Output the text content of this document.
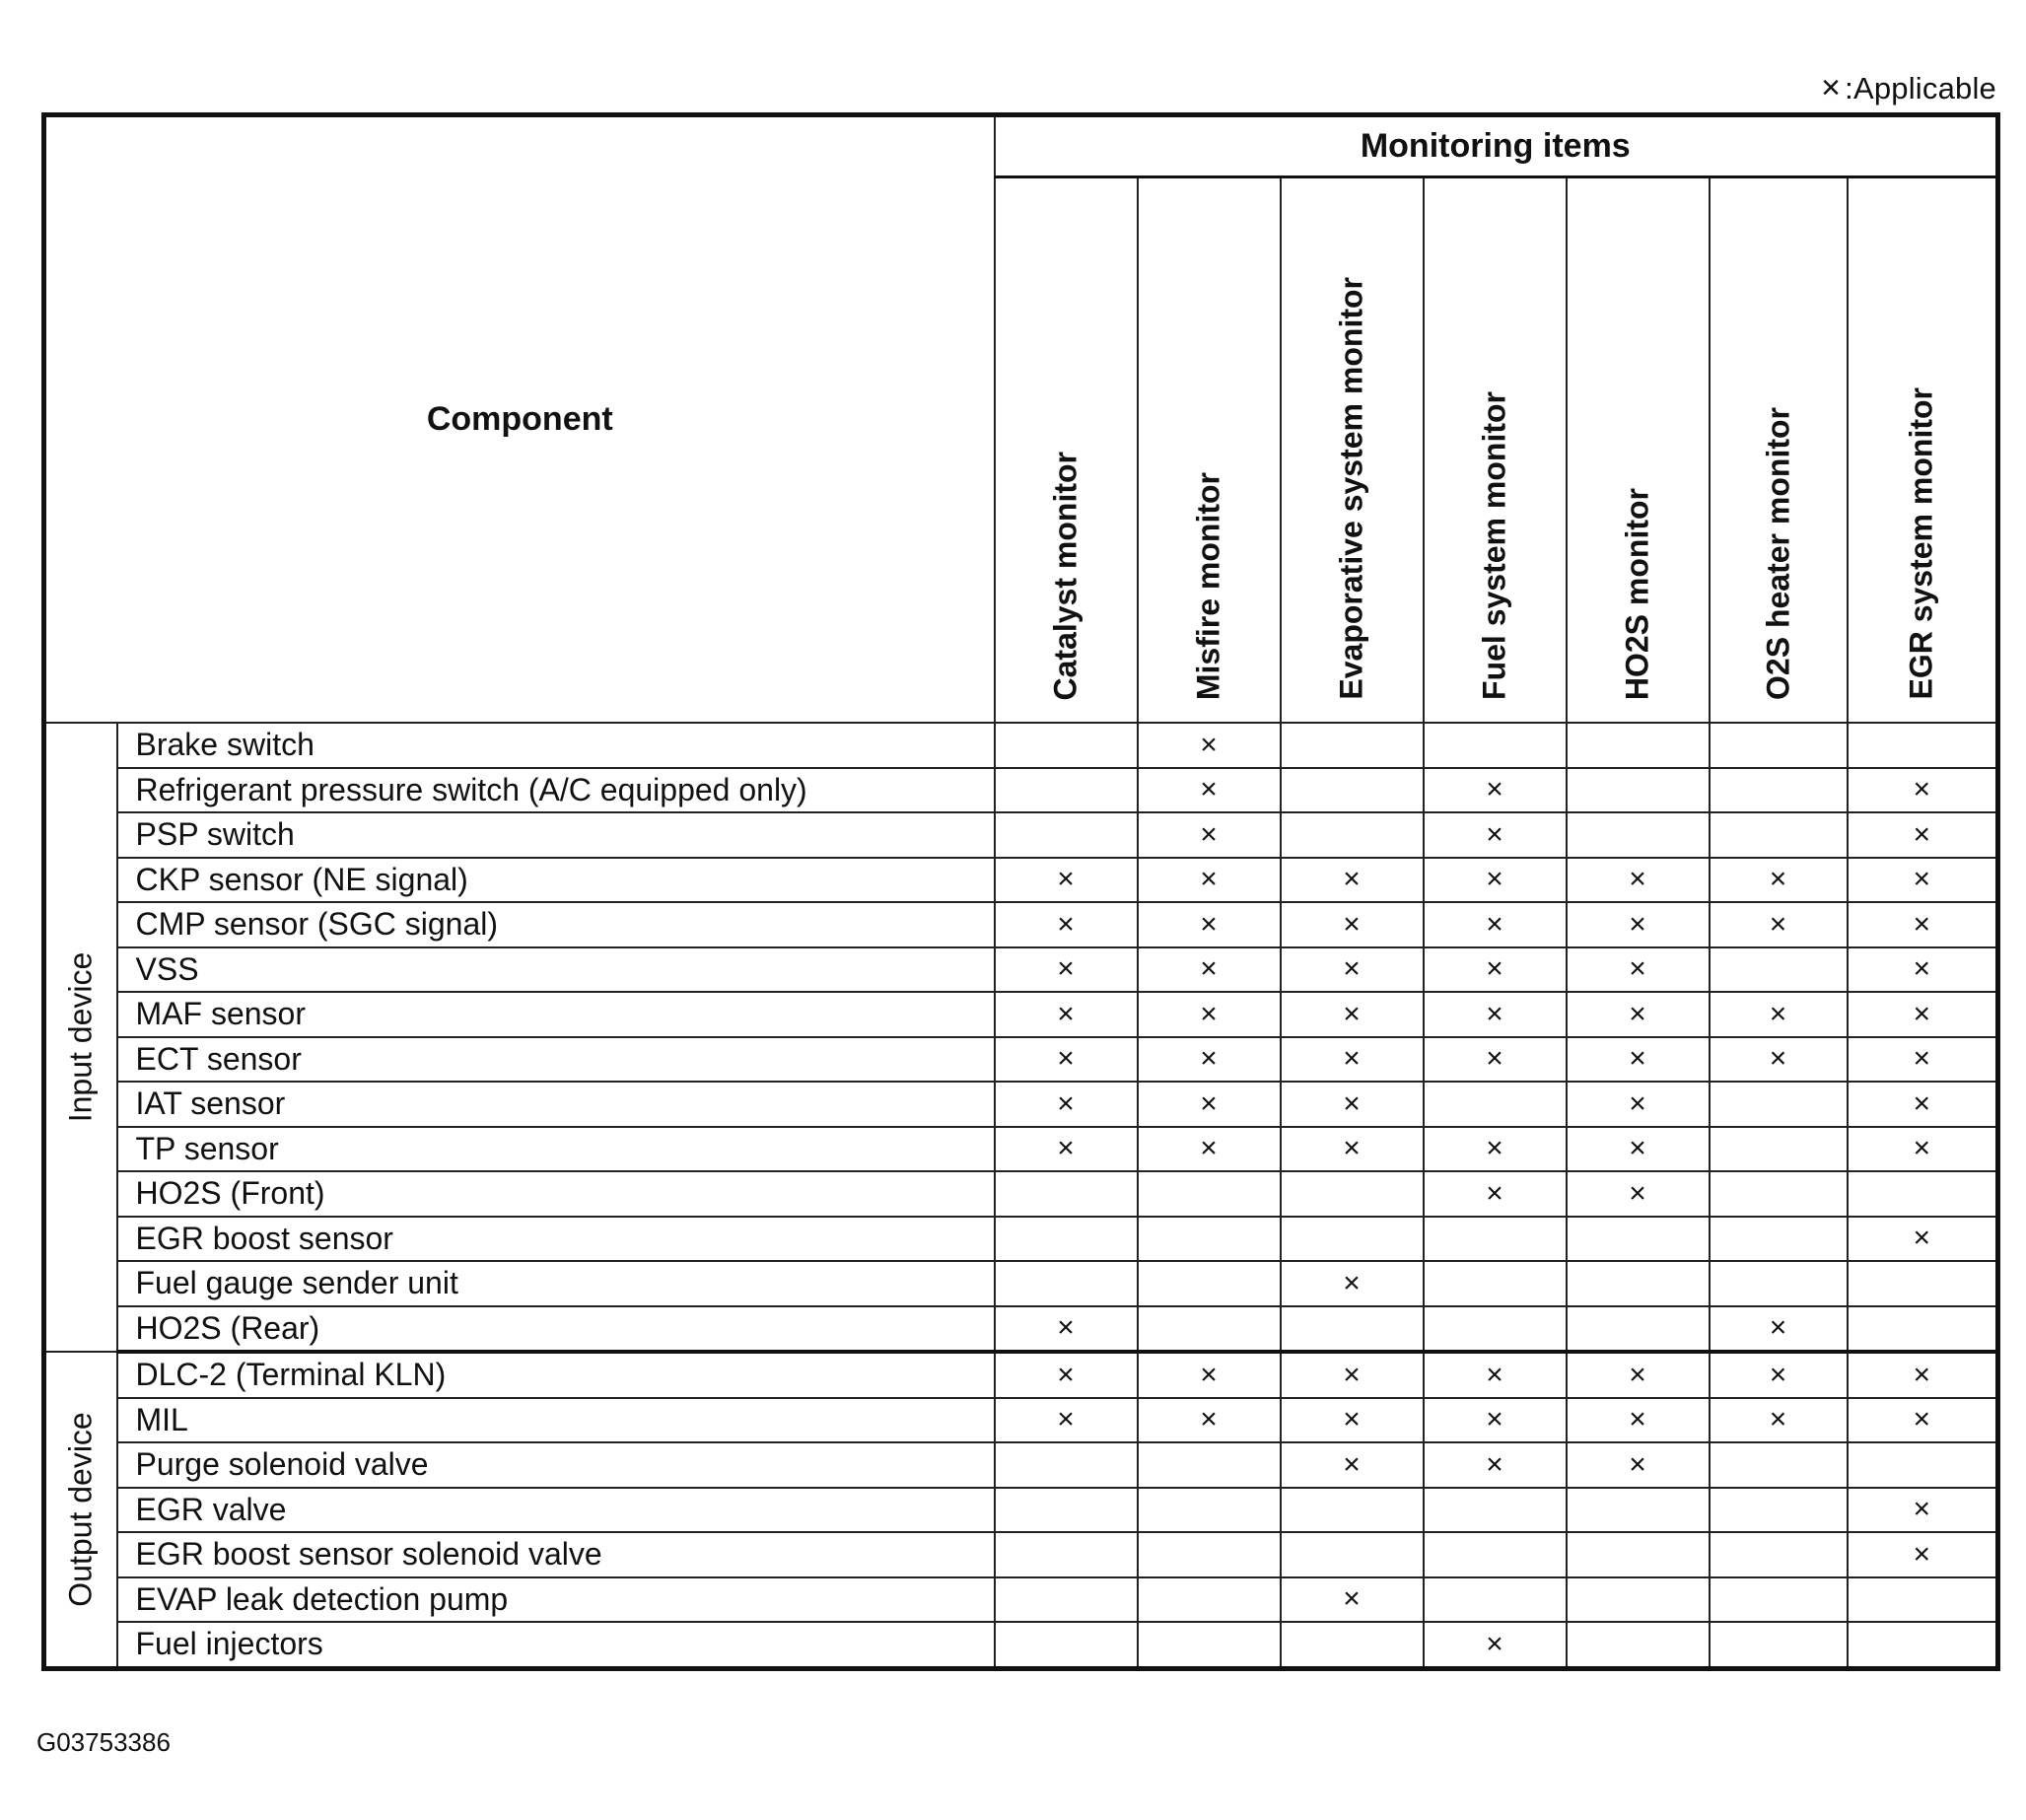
× :Applicable
Component		Monitoring items						

		Catalyst monitor	Misfire monitor	Evaporative system monitor	Fuel system monitor	HO2S monitor	O2S heater monitor	EGR system monitor

Input device	Brake switch		×					
	Refrigerant pressure switch (A/C equipped only)		×		×			×
	PSP switch		×		×			×
	CKP sensor (NE signal)	×	×	×	×	×	×	×
	CMP sensor (SGC signal)	×	×	×	×	×	×	×
	VSS	×	×	×	×	×		×
	MAF sensor	×	×	×	×	×	×	×
	ECT sensor	×	×	×	×	×	×	×
	IAT sensor	×	×	×		×		×
	TP sensor	×	×	×	×	×		×
	HO2S (Front)				×	×		
	EGR boost sensor							×
	Fuel gauge sender unit			×				
	HO2S (Rear)	×					×	

Output device	DLC-2 (Terminal KLN)	×	×	×	×	×	×	×
	MIL	×	×	×	×	×	×	×
	Purge solenoid valve			×	×	×		
	EGR valve							×
	EGR boost sensor solenoid valve							×
	EVAP leak detection pump			×				
	Fuel injectors				×			
G03753386
